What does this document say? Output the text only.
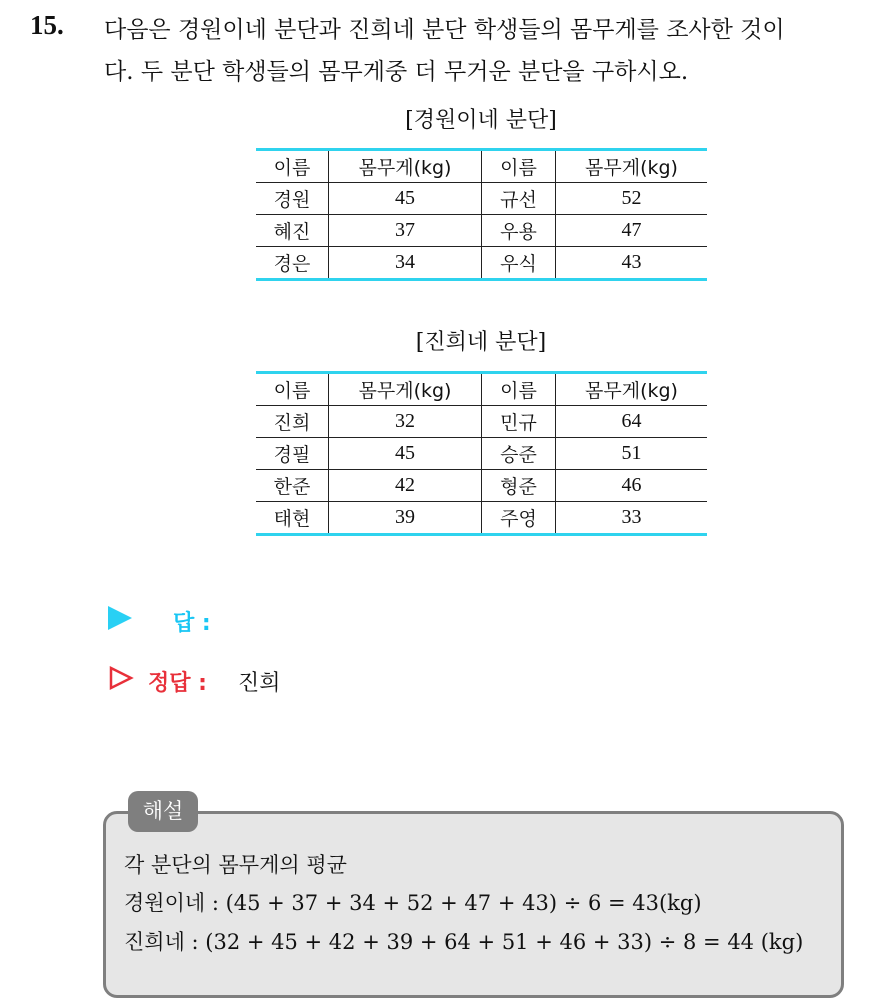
15. 다음은 경원이네 분단과 진희네 분단 학생들의 몸무게를 조사한 것이
다. 두 분단 학생들의 몸무게중 더 무거운 분단을 구하시오.
[경원이네 분단]
이름	몸무게(kg)	이름	몸무게(kg)
경원	45	규선	52
혜진	37	우용	47
경은	34	우식	43
[진희네 분단]
이름	몸무게(kg)	이름	몸무게(kg)
진희	32	민규	64
경필	45	승준	51
한준	42	형준	46
태현	39	주영	33
답 :
정답 : 진희
해설
각 분단의 몸무게의 평균
경원이네 : (45 + 37 + 34 + 52 + 47 + 43) ÷ 6 = 43(kg)
진희네 : (32 + 45 + 42 + 39 + 64 + 51 + 46 + 33) ÷ 8 = 44 (kg)
